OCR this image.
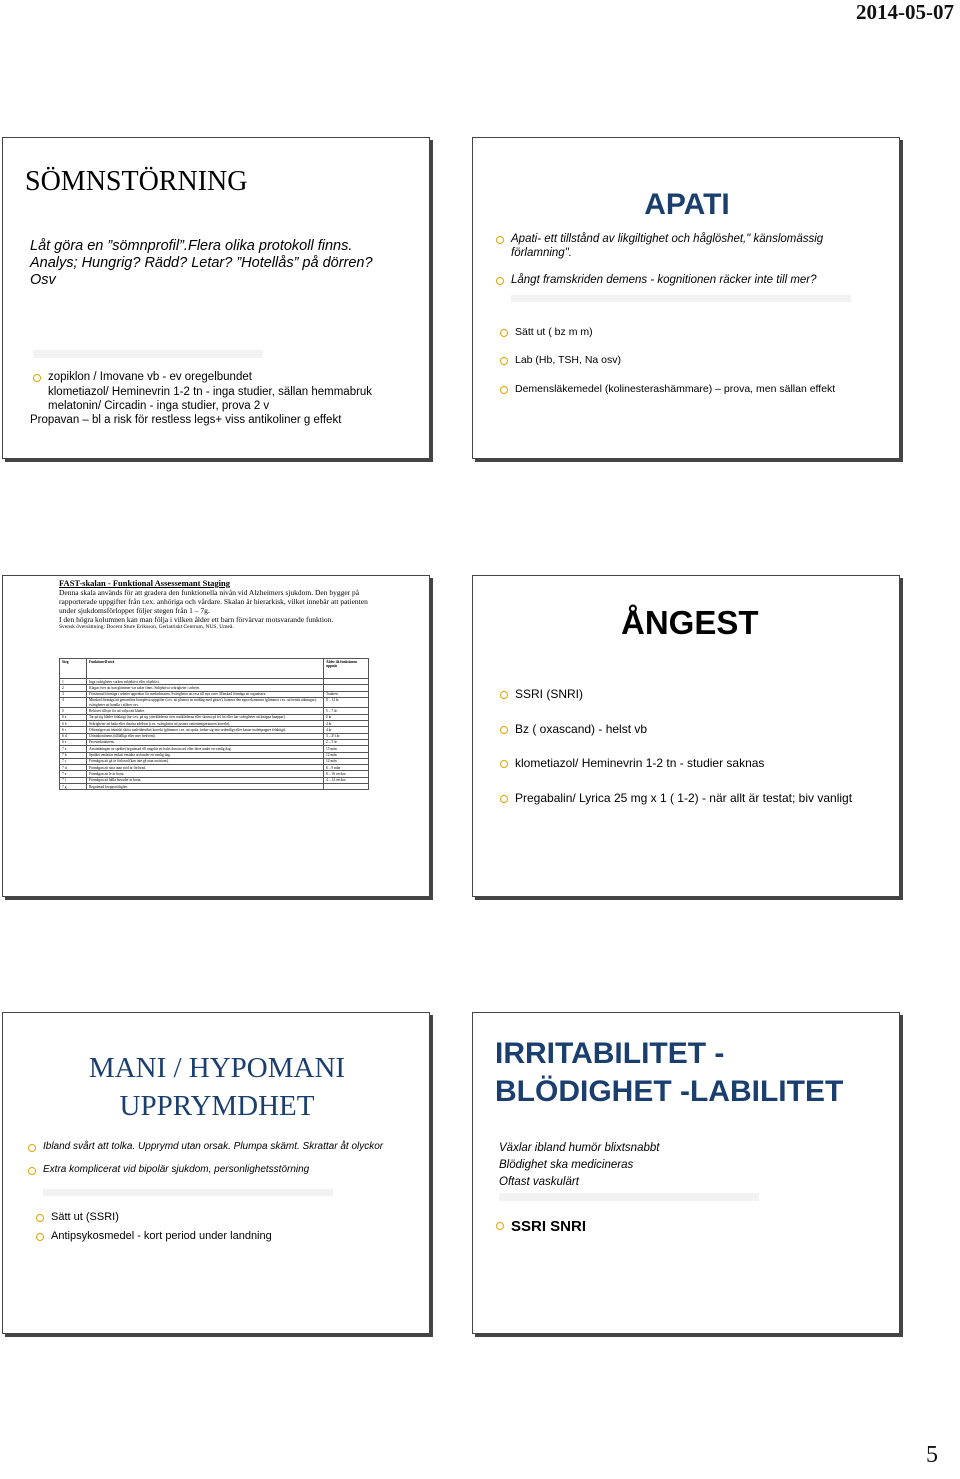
2014-05-07
SÖMNSTÖRNING
Låt göra en ”sömnprofil”.Flera olika protokoll finns.
Analys; Hungrig? Rädd? Letar? ”Hotellås” på dörren?
Osv
zopiklon / Imovane vb - ev oregelbundet
klometiazol/ Heminevrin 1-2 tn - inga studier, sällan hemmabruk
melatonin/ Circadin - inga studier, prova 2 v
Propavan – bl a risk för restless legs+ viss antikoliner g effekt
APATI
Apati- ett tillstånd av likgiltighet och håglöshet," känslomässig förlamning".
Långt framskriden demens - kognitionen räcker inte till mer?
Sätt ut ( bz m m)
Lab (Hb, TSH, Na osv)
Demensläkemedel (kolinesterashämmare) – prova, men sällan effekt
FAST-skalan - Funktional Assessemant Staging
Denna skala används för att gradera den funktionella nivån vid Alzheimers sjukdom. Den bygger på rapporterade uppgifter från t.ex. anhöriga och vårdare. Skalan är hierarkisk, vilket innebär att patienten under sjukdomsförloppet följer stegen från 1 – 7g.
I den högra kolumnen kan man följa i vilken ålder ett barn förvärvar motsvarande funktion.
Svensk översättning: Docent Sture Eriksson, Geriatriskt Centrum, NUS, Umeå.
Steg	Funktionell nivå	Ålder då funktionen uppnås
1	Inga svårigheter varken subjektivt eller objektivt.	
2	Klagar över att han glömmer var saker finns. Subjektiva svårigheter i arbetet.	
3	Försämrad förmåga i arbetet uppenbar för medarbetarna. Svårigheter att resa till nya orter. Minskad förmåga att organisera.	Tonåren
4	Minskad förmåga att genomföra komplexa uppgifter (t.ex. att planera en middag med gäster), hantera den egna ekonomin (glömmer t.ex. att betala räkningar), svårigheter att handla i affärer osv.	8 – 12 år
5	Behöver tillsyn för att välja rätt kläder.	5 – 7 år
6 a	Tar på sig kläder felaktigt (tar t.ex. på sig ytterkläderna över nattkläderna eller skorna på fel fot eller har svårigheter att knäppa knappar).	5 år
6 b	Svårigheter att bada eller duscha adekvat (t.ex. svårigheter att justera vattentemperaturen korrekt).	4 år
6 c	Oförmögen att tekniskt sköta toalettbesöket korrekt (glömmer t.ex. att spola, torkar sig inte ordentligt eller kastar toalettpapper felaktigt).	4 år
6 d	Urininkontinens (tillfälligt eller mer frekvent).	3 – 4½ år
6 e	Fecesinkontinens.	2 – 3 år
7 a	Användningen av språket begränsad till ungefär ett halvt dussin ord eller färre under en vanlig dag.	15 mån
7 b	Språket omfattar endast enstaka ord under en vanlig dag.	12 mån
7 c	Förmågan att gå är förlorad (kan inte gå utan assistans).	12 mån
7 d	Förmågan att sitta utan stöd är förlorad.	6 – 9 mån
7 e	Förmågan att le är borta.	8 – 16 veckor
7 f	Förmågan att hålla huvudet är borta.	4 – 12 veckor
7 g	Begränsad kroppsrörlighet.	
ÅNGEST
SSRI (SNRI)
Bz ( oxascand) - helst vb
klometiazol/ Heminevrin 1-2 tn - studier saknas
Pregabalin/ Lyrica 25 mg x 1 ( 1-2) - när allt är testat; biv vanligt
MANI / HYPOMANI
UPPRYMDHET
Ibland svårt att tolka. Upprymd utan orsak. Plumpa skämt. Skrattar åt olyckor
Extra komplicerat vid bipolär sjukdom, personlighetsstörning
Sätt ut (SSRI)
Antipsykosmedel - kort period under landning
IRRITABILITET -
BLÖDIGHET -LABILITET
Växlar ibland humör blixtsnabbt
Blödighet ska medicineras
Oftast vaskulärt
SSRI SNRI
5
